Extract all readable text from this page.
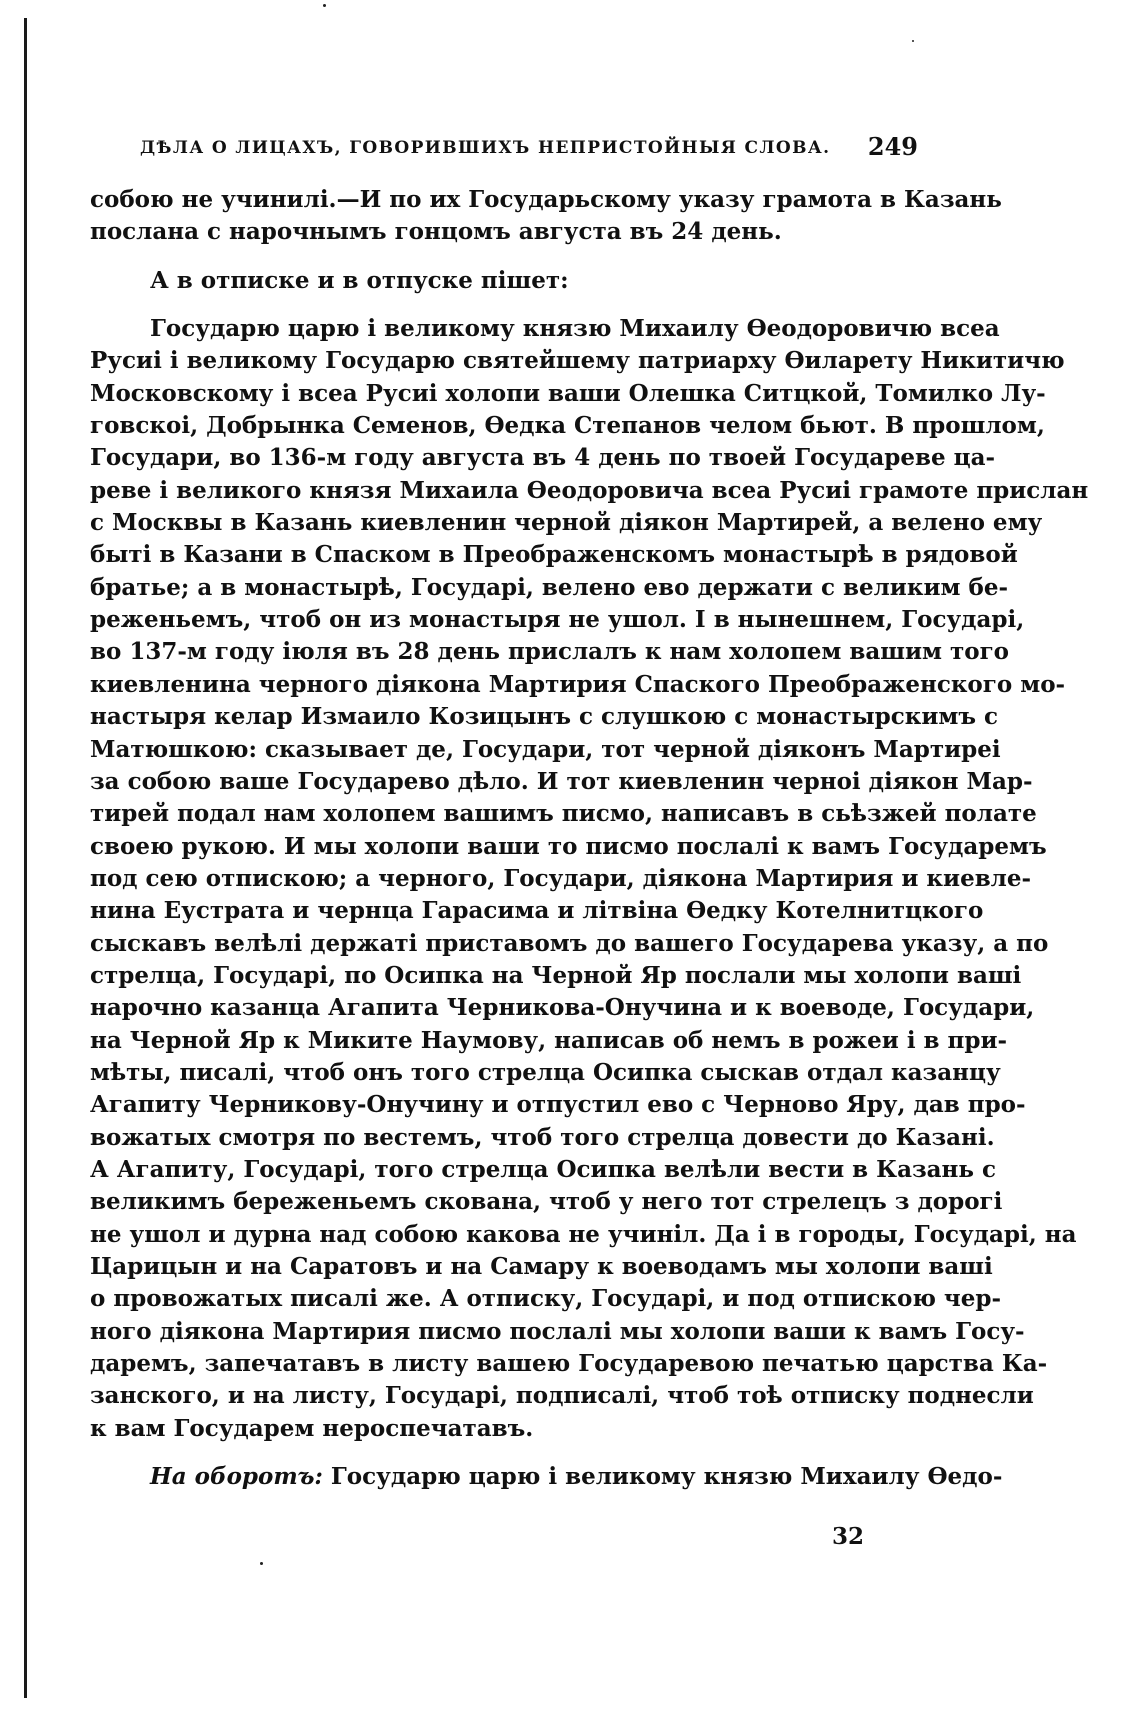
ДѢЛА О ЛИЦАХЪ, ГОВОРИВШИХЪ НЕПРИСТОЙНЫЯ СЛОВА. 249
собою не учинилі.—И по их Государьскому указу грамота в Казань
послана с нарочнымъ гонцомъ августа въ 24 день.
А в отписке и в отпуске пішет:
Государю царю і великому князю Михаилу Ѳеодоровичю всеа
Русиі і великому Государю святейшему патриарху Ѳиларету Никитичю
Московскому і всеа Русиі холопи ваши Олешка Ситцкой, Томилко Лу-
говскоі, Добрынка Семенов, Ѳедка Степанов челом бьют. В прошлом,
Государи, во 136-м году августа въ 4 день по твоей Государеве ца-
реве і великого князя Михаила Ѳеодоровича всеа Русиі грамоте прислан
с Москвы в Казань киевленин черной діякон Мартирей, а велено ему
быті в Казани в Спаском в Преображенскомъ монастырѣ в рядовой
братье; а в монастырѣ, Государі, велено ево держати с великим бе-
реженьемъ, чтоб он из монастыря не ушол. І в нынешнем, Государі,
во 137-м году іюля въ 28 день прислалъ к нам холопем вашим того
киевленина черного діякона Мартирия Спаского Преображенского мо-
настыря келар Измаило Козицынъ с слушкою с монастырскимъ с
Матюшкою: сказывает де, Государи, тот черной діяконъ Мартиреі
за собою ваше Государево дѣло. И тот киевленин черноі діякон Мар-
тирей подал нам холопем вашимъ писмо, написавъ в сьѣзжей полате
своею рукою. И мы холопи ваши то писмо послалі к вамъ Государемъ
под сею отпискою; а черного, Государи, діякона Мартирия и киевле-
нина Еустрата и чернца Гарасима и літвіна Ѳедку Котелнитцкого
сыскавъ велѣлі держаті приставомъ до вашего Государева указу, а по
стрелца, Государі, по Осипка на Черной Яр послали мы холопи вашi
нарочно казанца Агапита Черникова-Онучина и к воеводе, Государи,
на Черной Яр к Миките Наумову, написав об немъ в рожеи і в при-
мѣты, писалі, чтоб онъ того стрелца Осипка сыскав отдал казанцу
Агапиту Черникову-Онучину и отпустил ево с Черново Яру, дав про-
вожатых смотря по вестемъ, чтоб того стрелца довести до Казані.
А Агапиту, Государі, того стрелца Осипка велѣли вести в Казань с
великимъ береженьемъ скована, чтоб у него тот стрелецъ з дорогі
не ушол и дурна над собою какова не учинiл. Да і в городы, Государі, на
Царицын и на Саратовъ и на Самару к воеводамъ мы холопи вашi
о провожатых писалі же. А отписку, Государі, и под отпискою чер-
ного діякона Мартирия писмо послалі мы холопи ваши к вамъ Госу-
даремъ, запечатавъ в листу вашею Государевою печатью царства Ка-
занского, и на листу, Государі, подписалі, чтоб тоѣ отписку поднесли
к вам Государем нероспечатавъ.
На оборотъ: Государю царю і великому князю Михаилу Ѳедо-
32
